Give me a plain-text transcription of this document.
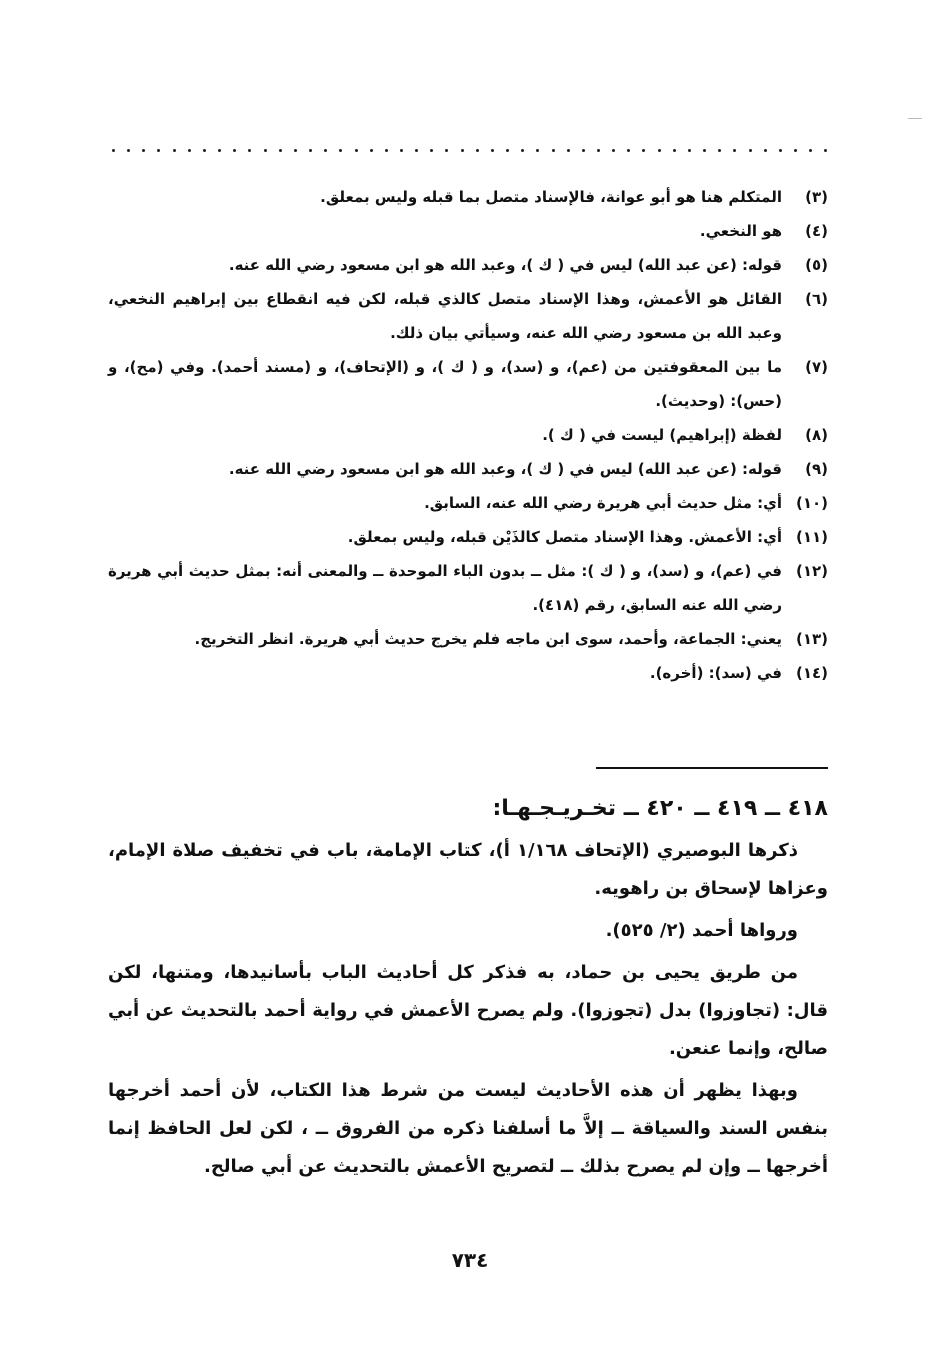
(٣)
المتكلم هنا هو أبو عوانة، فالإسناد متصل بما قبله وليس بمعلق.
(٤)
هو النخعي.
(٥)
قوله: (عن عبد الله) ليس في ( ك )، وعبد الله هو ابن مسعود رضي الله عنه.
(٦)
القائل هو الأعمش، وهذا الإسناد متصل كالذي قبله، لكن فيه انقطاع بين إبراهيم النخعي، وعبد الله بن مسعود رضي الله عنه، وسيأتي بيان ذلك.
(٧)
ما بين المعقوفتين من (عم)، و (سد)، و ( ك )، و (الإتحاف)، و (مسند أحمد). وفي (مح)، و (حس): (وحديث).
(٨)
لفظة (إبراهيم) ليست في ( ك ).
(٩)
قوله: (عن عبد الله) ليس في ( ك )، وعبد الله هو ابن مسعود رضي الله عنه.
(١٠)
أي: مثل حديث أبي هريرة رضي الله عنه، السابق.
(١١)
أي: الأعمش. وهذا الإسناد متصل كالذَيْن قبله، وليس بمعلق.
(١٢)
في (عم)، و (سد)، و ( ك ): مثل ــ بدون الباء الموحدة ــ والمعنى أنه: بمثل حديث أبي هريرة رضي الله عنه السابق، رقم (٤١٨).
(١٣)
يعني: الجماعة، وأحمد، سوى ابن ماجه فلم يخرج حديث أبي هريرة. انظر التخريج.
(١٤)
في (سد): (أخره).
٤١٨ ــ ٤١٩ ــ ٤٢٠ ــ تخـريـجـهـا:

ذكرها البوصيري (الإتحاف ١/١٦٨ أ)، كتاب الإمامة، باب في تخفيف صلاة الإمام، وعزاها لإسحاق بن راهويه.

ورواها أحمد (٢/ ٥٢٥).

من طريق يحيى بن حماد، به فذكر كل أحاديث الباب بأسانيدها، ومتنها، لكن قال: (تجاوزوا) بدل (تجوزوا). ولم يصرح الأعمش في رواية أحمد بالتحديث عن أبي صالح، وإنما عنعن.

وبهذا يظهر أن هذه الأحاديث ليست من شرط هذا الكتاب، لأن أحمد أخرجها بنفس السند والسياقة ــ إلاَّ ما أسلفنا ذكره من الفروق ــ ، لكن لعل الحافظ إنما أخرجها ــ وإن لم يصرح بذلك ــ لتصريح الأعمش بالتحديث عن أبي صالح.

٧٣٤
